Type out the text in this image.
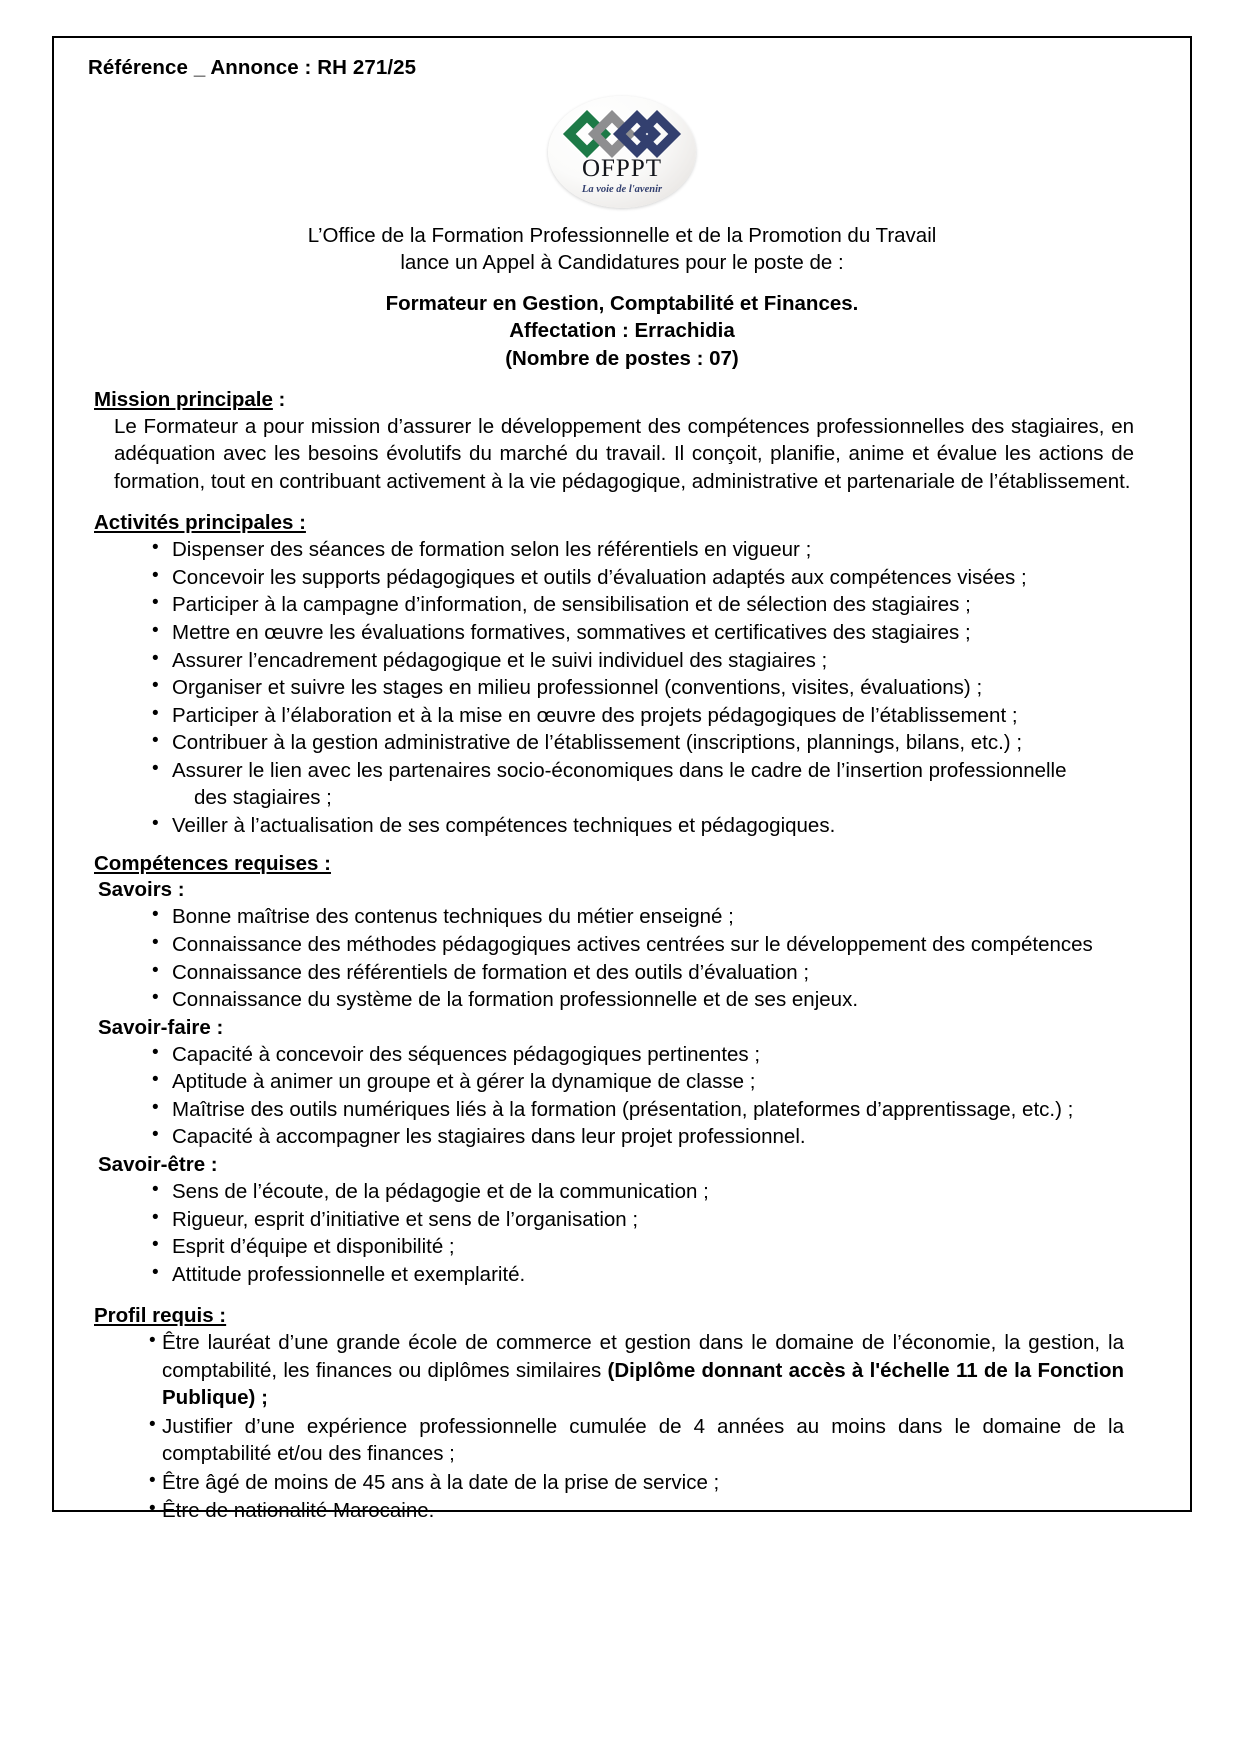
Référence _ Annonce : RH 271/25
OFPPT
La voie de l'avenir
L’Office de la Formation Professionnelle et de la Promotion du Travail
lance un Appel à Candidatures pour le poste de :
Formateur en Gestion, Comptabilité et Finances.
Affectation : Errachidia
(Nombre de postes : 07)
Mission principale :
Le Formateur a pour mission d’assurer le développement des compétences professionnelles des stagiaires, en adéquation avec les besoins évolutifs du marché du travail. Il conçoit, planifie, anime et évalue les actions de formation, tout en contribuant activement à la vie pédagogique, administrative et partenariale de l’établissement.
Activités principales :
• Dispenser des séances de formation selon les référentiels en vigueur ;
• Concevoir les supports pédagogiques et outils d’évaluation adaptés aux compétences visées ;
• Participer à la campagne d’information, de sensibilisation et de sélection des stagiaires ;
• Mettre en œuvre les évaluations formatives, sommatives et certificatives des stagiaires ;
• Assurer l’encadrement pédagogique et le suivi individuel des stagiaires ;
• Organiser et suivre les stages en milieu professionnel (conventions, visites, évaluations) ;
• Participer à l’élaboration et à la mise en œuvre des projets pédagogiques de l’établissement ;
• Contribuer à la gestion administrative de l’établissement (inscriptions, plannings, bilans, etc.) ;
• Assurer le lien avec les partenaires socio-économiques dans le cadre de l’insertion professionnelle
des stagiaires ;
• Veiller à l’actualisation de ses compétences techniques et pédagogiques.
Compétences requises :
Savoirs :
• Bonne maîtrise des contenus techniques du métier enseigné ;
• Connaissance des méthodes pédagogiques actives centrées sur le développement des compétences
• Connaissance des référentiels de formation et des outils d’évaluation ;
• Connaissance du système de la formation professionnelle et de ses enjeux.
Savoir-faire :
• Capacité à concevoir des séquences pédagogiques pertinentes ;
• Aptitude à animer un groupe et à gérer la dynamique de classe ;
• Maîtrise des outils numériques liés à la formation (présentation, plateformes d’apprentissage, etc.) ;
• Capacité à accompagner les stagiaires dans leur projet professionnel.
Savoir-être :
• Sens de l’écoute, de la pédagogie et de la communication ;
• Rigueur, esprit d’initiative et sens de l’organisation ;
• Esprit d’équipe et disponibilité ;
• Attitude professionnelle et exemplarité.
Profil requis :
• Être lauréat d’une grande école de commerce et gestion dans le domaine de l’économie, la gestion, la comptabilité, les finances ou diplômes similaires (Diplôme donnant accès à l'échelle 11 de la Fonction Publique) ;
• Justifier d’une expérience professionnelle cumulée de 4 années au moins dans le domaine de la comptabilité et/ou des finances ;
• Être âgé de moins de 45 ans à la date de la prise de service ;
• Être de nationalité Marocaine.
